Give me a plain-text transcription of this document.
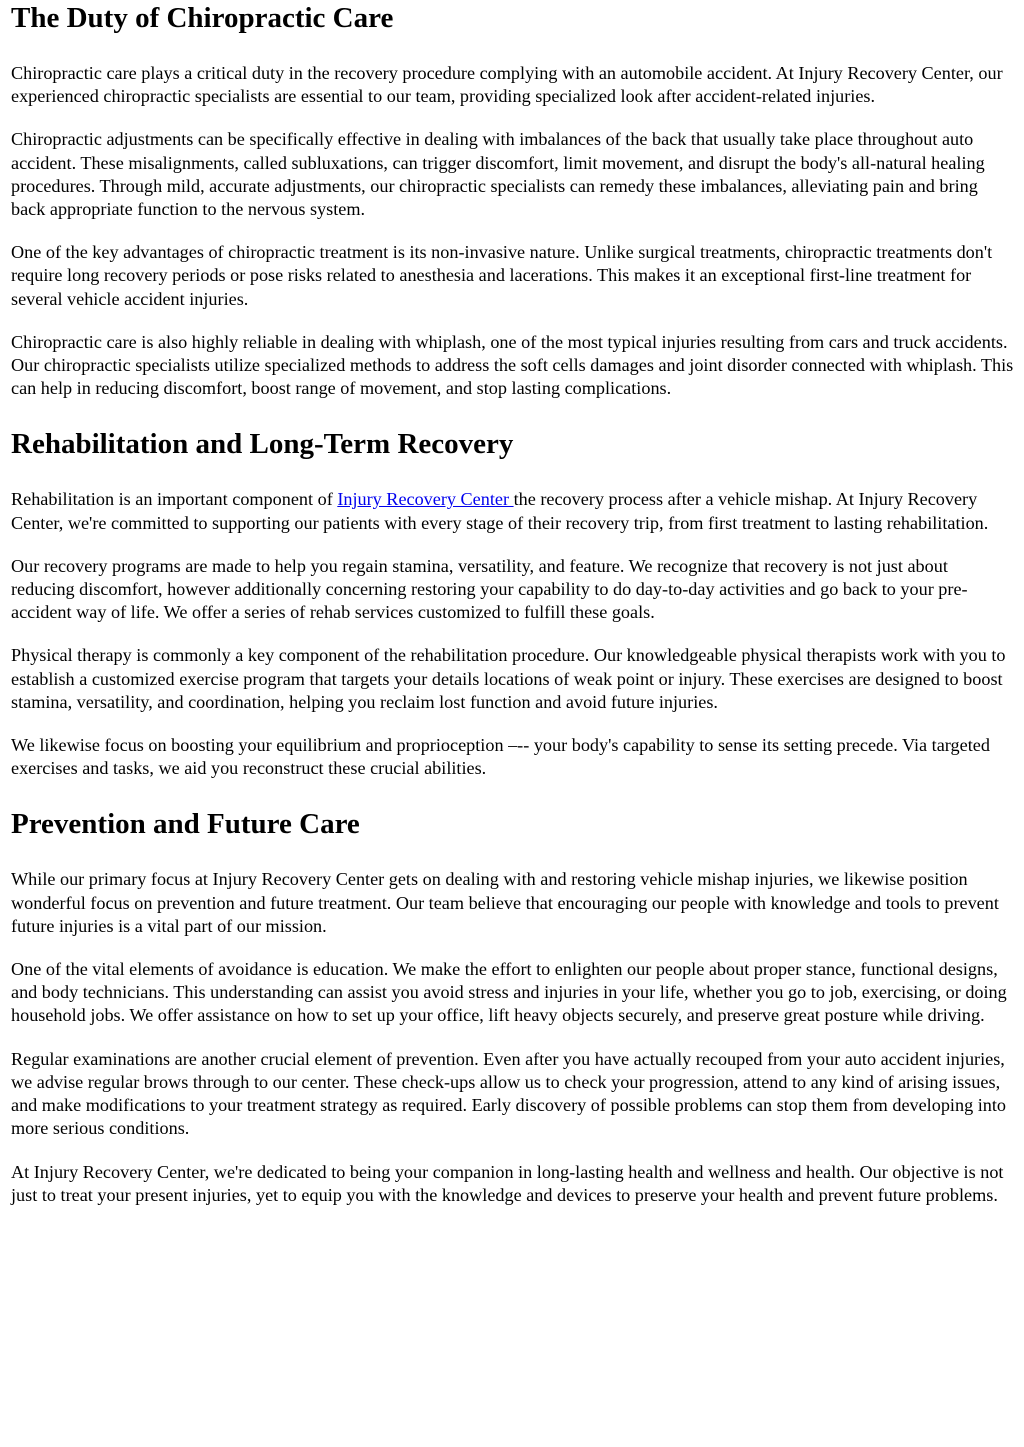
The Duty of Chiropractic Care

Chiropractic care plays a critical duty in the recovery procedure complying with an automobile accident. At Injury Recovery Center, our experienced chiropractic specialists are essential to our team, providing specialized look after accident-related injuries.

Chiropractic adjustments can be specifically effective in dealing with imbalances of the back that usually take place throughout auto accident. These misalignments, called subluxations, can trigger discomfort, limit movement, and disrupt the body's all-natural healing procedures. Through mild, accurate adjustments, our chiropractic specialists can remedy these imbalances, alleviating pain and bring back appropriate function to the nervous system.

One of the key advantages of chiropractic treatment is its non-invasive nature. Unlike surgical treatments, chiropractic treatments don't require long recovery periods or pose risks related to anesthesia and lacerations. This makes it an exceptional first-line treatment for several vehicle accident injuries.

Chiropractic care is also highly reliable in dealing with whiplash, one of the most typical injuries resulting from cars and truck accidents. Our chiropractic specialists utilize specialized methods to address the soft cells damages and joint disorder connected with whiplash. This can help in reducing discomfort, boost range of movement, and stop lasting complications.

Rehabilitation and Long-Term Recovery

Rehabilitation is an important component of Injury Recovery Center the recovery process after a vehicle mishap. At Injury Recovery Center, we're committed to supporting our patients with every stage of their recovery trip, from first treatment to lasting rehabilitation.

Our recovery programs are made to help you regain stamina, versatility, and feature. We recognize that recovery is not just about reducing discomfort, however additionally concerning restoring your capability to do day-to-day activities and go back to your pre-accident way of life. We offer a series of rehab services customized to fulfill these goals.

Physical therapy is commonly a key component of the rehabilitation procedure. Our knowledgeable physical therapists work with you to establish a customized exercise program that targets your details locations of weak point or injury. These exercises are designed to boost stamina, versatility, and coordination, helping you reclaim lost function and avoid future injuries.

We likewise focus on boosting your equilibrium and proprioception –-- your body's capability to sense its setting precede. Via targeted exercises and tasks, we aid you reconstruct these crucial abilities.

Prevention and Future Care

While our primary focus at Injury Recovery Center gets on dealing with and restoring vehicle mishap injuries, we likewise position wonderful focus on prevention and future treatment. Our team believe that encouraging our people with knowledge and tools to prevent future injuries is a vital part of our mission.

One of the vital elements of avoidance is education. We make the effort to enlighten our people about proper stance, functional designs, and body technicians. This understanding can assist you avoid stress and injuries in your life, whether you go to job, exercising, or doing household jobs. We offer assistance on how to set up your office, lift heavy objects securely, and preserve great posture while driving.

Regular examinations are another crucial element of prevention. Even after you have actually recouped from your auto accident injuries, we advise regular brows through to our center. These check-ups allow us to check your progression, attend to any kind of arising issues, and make modifications to your treatment strategy as required. Early discovery of possible problems can stop them from developing into more serious conditions.

At Injury Recovery Center, we're dedicated to being your companion in long-lasting health and wellness and health. Our objective is not just to treat your present injuries, yet to equip you with the knowledge and devices to preserve your health and prevent future problems.
